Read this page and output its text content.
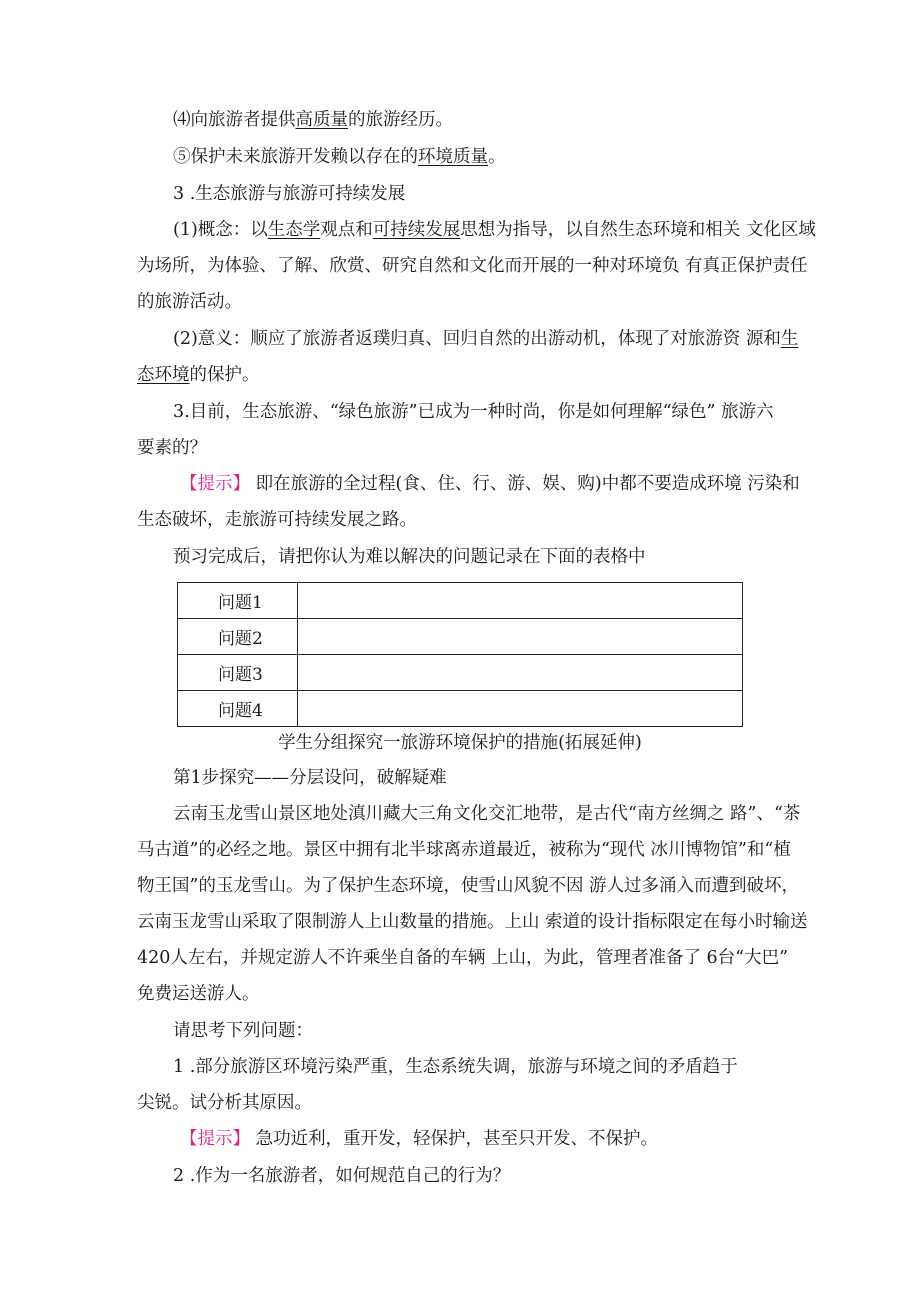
⑷向旅游者提供高质量的旅游经历。
⑤保护未来旅游开发赖以存在的环境质量。
3 .生态旅游与旅游可持续发展
(1)概念：以生态学观点和可持续发展思想为指导，以自然生态环境和相关 文化区域
为场所，为体验、了解、欣赏、研究自然和文化而开展的一种对环境负 有真正保护责任
的旅游活动。
(2)意义：顺应了旅游者返璞归真、回归自然的出游动机，体现了对旅游资 源和生
态环境的保护。
3.目前，生态旅游、“绿色旅游”已成为一种时尚，你是如何理解“绿色” 旅游六
要素的？
【提示】 即在旅游的全过程(食、住、行、游、娱、购)中都不要造成环境 污染和
生态破坏，走旅游可持续发展之路。
预习完成后，请把你认为难以解决的问题记录在下面的表格中
问题1	
问题2	
问题3	
问题4	
学生分组探究一旅游环境保护的措施(拓展延伸)
第1步探究——分层设问，破解疑难
云南玉龙雪山景区地处滇川藏大三角文化交汇地带，是古代“南方丝绸之 路”、“茶
马古道”的必经之地。景区中拥有北半球离赤道最近，被称为“现代 冰川博物馆”和“植
物王国”的玉龙雪山。为了保护生态环境，使雪山风貌不因 游人过多涌入而遭到破坏，
云南玉龙雪山采取了限制游人上山数量的措施。上山 索道的设计指标限定在每小时输送
420人左右，并规定游人不许乘坐自备的车辆 上山，为此，管理者准备了 6台“大巴”
免费运送游人。
请思考下列问题：
1 .部分旅游区环境污染严重，生态系统失调，旅游与环境之间的矛盾趋于
尖锐。试分析其原因。
【提示】 急功近利，重开发，轻保护，甚至只开发、不保护。
2 .作为一名旅游者，如何规范自己的行为？
